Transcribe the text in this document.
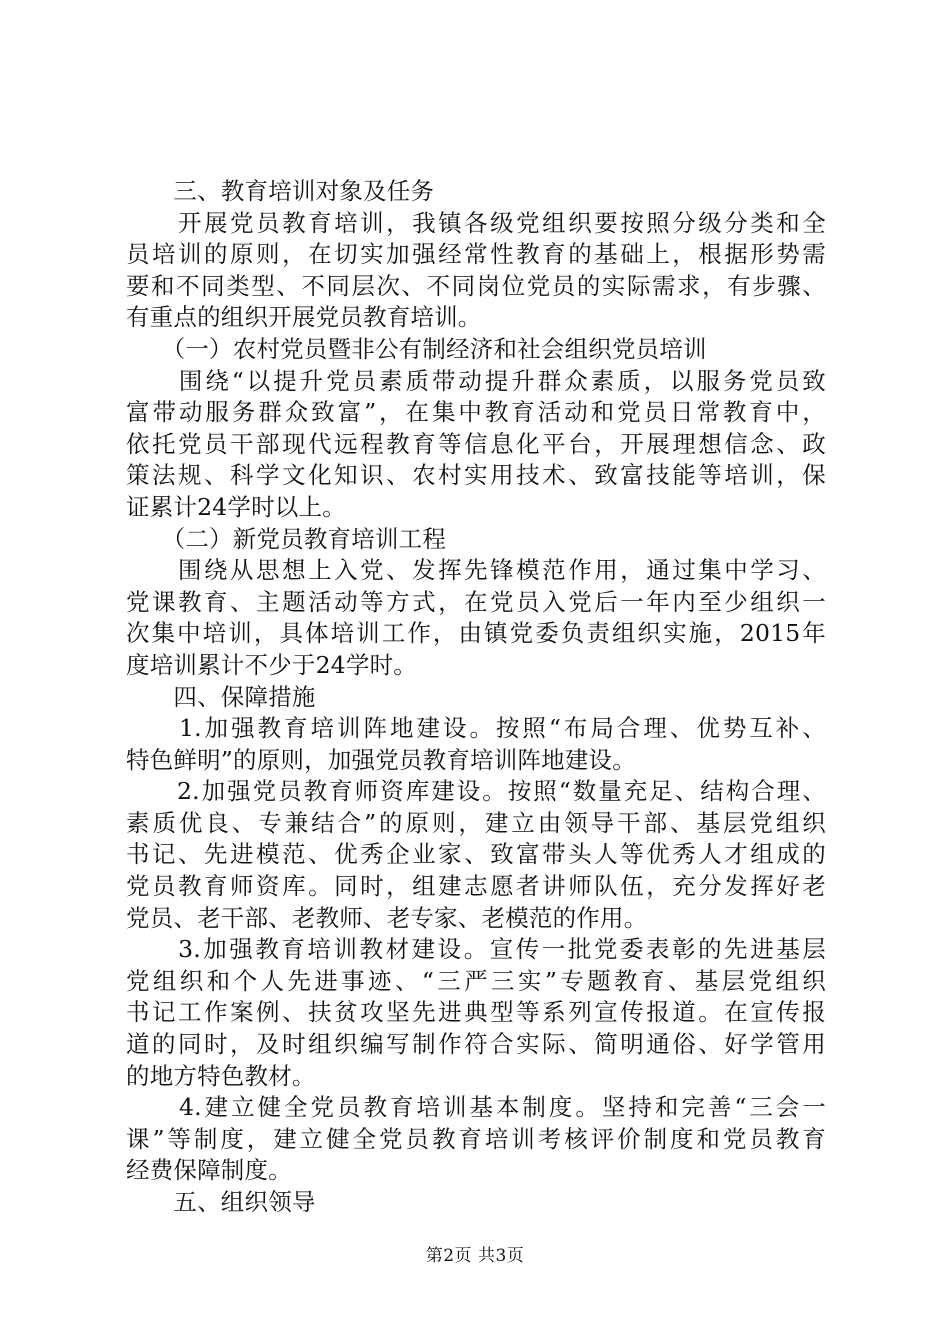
　　三、教育培训对象及任务
　　开展党员教育培训，我镇各级党组织要按照分级分类和全
员培训的原则，在切实加强经常性教育的基础上，根据形势需
要和不同类型、不同层次、不同岗位党员的实际需求，有步骤、
有重点的组织开展党员教育培训。
　　（一）农村党员暨非公有制经济和社会组织党员培训
　　围绕“以提升党员素质带动提升群众素质，以服务党员致
富带动服务群众致富”，在集中教育活动和党员日常教育中，
依托党员干部现代远程教育等信息化平台，开展理想信念、政
策法规、科学文化知识、农村实用技术、致富技能等培训，保
证累计24学时以上。
　　（二）新党员教育培训工程
　　围绕从思想上入党、发挥先锋模范作用，通过集中学习、
党课教育、主题活动等方式，在党员入党后一年内至少组织一
次集中培训，具体培训工作，由镇党委负责组织实施，2015年
度培训累计不少于24学时。
　　四、保障措施
　　1.加强教育培训阵地建设。按照“布局合理、优势互补、
特色鲜明”的原则，加强党员教育培训阵地建设。
　　2.加强党员教育师资库建设。按照“数量充足、结构合理、
素质优良、专兼结合”的原则，建立由领导干部、基层党组织
书记、先进模范、优秀企业家、致富带头人等优秀人才组成的
党员教育师资库。同时，组建志愿者讲师队伍，充分发挥好老
党员、老干部、老教师、老专家、老模范的作用。
　　3.加强教育培训教材建设。宣传一批党委表彰的先进基层
党组织和个人先进事迹、“三严三实”专题教育、基层党组织
书记工作案例、扶贫攻坚先进典型等系列宣传报道。在宣传报
道的同时，及时组织编写制作符合实际、简明通俗、好学管用
的地方特色教材。
　　4.建立健全党员教育培训基本制度。坚持和完善“三会一
课”等制度，建立健全党员教育培训考核评价制度和党员教育
经费保障制度。
　　五、组织领导
第2页 共3页
